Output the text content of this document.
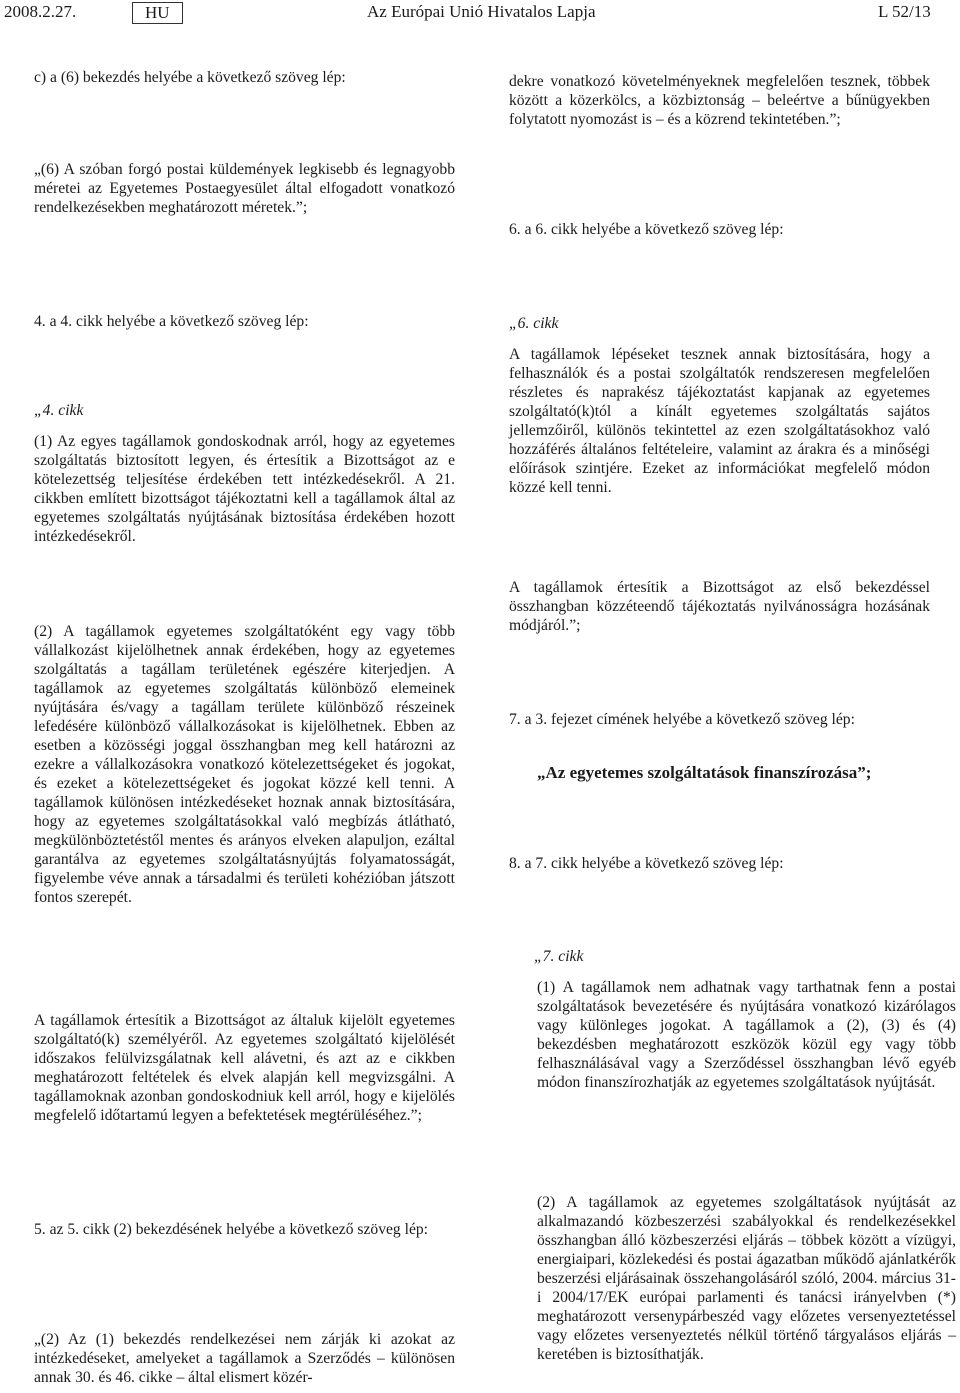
2008.2.27.	HU	Az Európai Unió Hivatalos Lapja	L 52/13
c) a (6) bekezdés helyébe a következő szöveg lép:
„(6) A szóban forgó postai küldemények legkisebb és legnagyobb méretei az Egyetemes Postaegyesület által elfogadott vonatkozó rendelkezésekben meghatározott méretek.”;
4. a 4. cikk helyébe a következő szöveg lép:
„4. cikk
(1) Az egyes tagállamok gondoskodnak arról, hogy az egyetemes szolgáltatás biztosított legyen, és értesítik a Bizottságot az e kötelezettség teljesítése érdekében tett intézkedésekről. A 21. cikkben említett bizottságot tájékoztatni kell a tagállamok által az egyetemes szolgáltatás nyújtásának biztosítása érdekében hozott intézkedésekről.
(2) A tagállamok egyetemes szolgáltatóként egy vagy több vállalkozást kijelölhetnek annak érdekében, hogy az egyetemes szolgáltatás a tagállam területének egészére kiterjedjen. A tagállamok az egyetemes szolgáltatás különböző elemeinek nyújtására és/vagy a tagállam területe különböző részeinek lefedésére különböző vállalkozásokat is kijelölhetnek. Ebben az esetben a közösségi joggal összhangban meg kell határozni az ezekre a vállalkozásokra vonatkozó kötelezettségeket és jogokat, és ezeket a kötelezettségeket és jogokat közzé kell tenni. A tagállamok különösen intézkedéseket hoznak annak biztosítására, hogy az egyetemes szolgáltatásokkal való megbízás átlátható, megkülönböztetéstől mentes és arányos elveken alapuljon, ezáltal garantálva az egyetemes szolgáltatásnyújtás folyamatosságát, figyelembe véve annak a társadalmi és területi kohézióban játszott fontos szerepét.
A tagállamok értesítik a Bizottságot az általuk kijelölt egyetemes szolgáltató(k) személyéről. Az egyetemes szolgáltató kijelölését időszakos felülvizsgálatnak kell alávetni, és azt az e cikkben meghatározott feltételek és elvek alapján kell megvizsgálni. A tagállamoknak azonban gondoskodniuk kell arról, hogy e kijelölés megfelelő időtartamú legyen a befektetések megtérüléséhez.”;
5. az 5. cikk (2) bekezdésének helyébe a következő szöveg lép:
„(2) Az (1) bekezdés rendelkezései nem zárják ki azokat az intézkedéseket, amelyeket a tagállamok a Szerződés – különösen annak 30. és 46. cikke – által elismert közér-
dekre vonatkozó követelményeknek megfelelően tesznek, többek között a közerkölcs, a közbiztonság – beleértve a bűnügyekben folytatott nyomozást is – és a közrend tekintetében.”;
6. a 6. cikk helyébe a következő szöveg lép:
„6. cikk
A tagállamok lépéseket tesznek annak biztosítására, hogy a felhasználók és a postai szolgáltatók rendszeresen megfelelően részletes és naprakész tájékoztatást kapjanak az egyetemes szolgáltató(k)tól a kínált egyetemes szolgáltatás sajátos jellemzőiről, különös tekintettel az ezen szolgáltatásokhoz való hozzáférés általános feltételeire, valamint az árakra és a minőségi előírások szintjére. Ezeket az információkat megfelelő módon közzé kell tenni.
A tagállamok értesítik a Bizottságot az első bekezdéssel összhangban közzéteendő tájékoztatás nyilvánosságra hozásának módjáról.”;
7. a 3. fejezet címének helyébe a következő szöveg lép:
„Az egyetemes szolgáltatások finanszírozása”;
8. a 7. cikk helyébe a következő szöveg lép:
„7. cikk
(1) A tagállamok nem adhatnak vagy tarthatnak fenn a postai szolgáltatások bevezetésére és nyújtására vonatkozó kizárólagos vagy különleges jogokat. A tagállamok a (2), (3) és (4) bekezdésben meghatározott eszközök közül egy vagy több felhasználásával vagy a Szerződéssel összhangban lévő egyéb módon finanszírozhatják az egyetemes szolgáltatások nyújtását.
(2) A tagállamok az egyetemes szolgáltatások nyújtását az alkalmazandó közbeszerzési szabályokkal és rendelkezésekkel összhangban álló közbeszerzési eljárás – többek között a vízügyi, energiaipari, közlekedési és postai ágazatban működő ajánlatkérők beszerzési eljárásainak összehangolásáról szóló, 2004. március 31-i 2004/17/EK európai parlamenti és tanácsi irányelvben (*) meghatározott versenypárbeszéd vagy előzetes versenyeztetéssel vagy előzetes versenyeztetés nélkül történő tárgyalásos eljárás – keretében is biztosíthatják.
